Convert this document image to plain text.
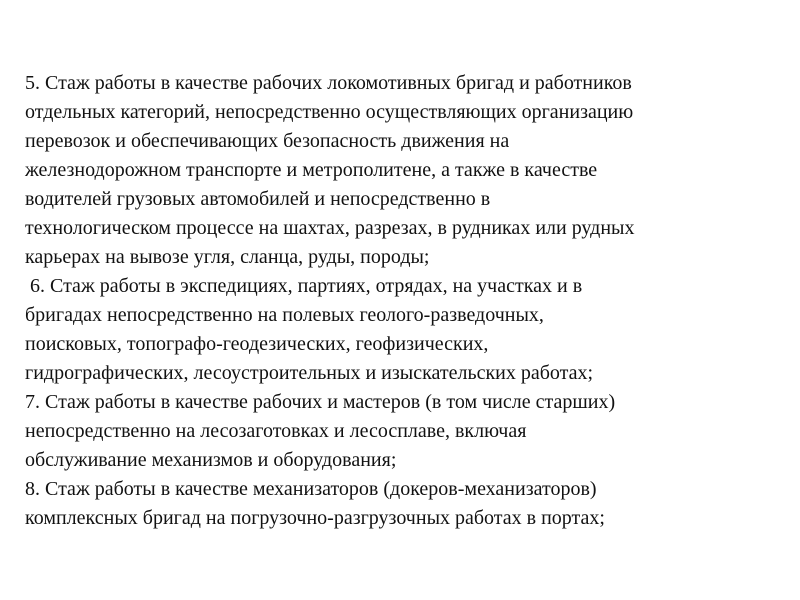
5. Стаж работы в качестве рабочих локомотивных бригад и работников
отдельных категорий, непосредственно осуществляющих организацию
перевозок и обеспечивающих безопасность движения на
железнодорожном транспорте и метрополитене, а также в качестве
водителей грузовых автомобилей и непосредственно в
технологическом процессе на шахтах, разрезах, в рудниках или рудных
карьерах на вывозе угля, сланца, руды, породы;
6. Стаж работы в экспедициях, партиях, отрядах, на участках и в
бригадах непосредственно на полевых геолого-разведочных,
поисковых, топографо-геодезических, геофизических,
гидрографических, лесоустроительных и изыскательских работах;
7. Стаж работы в качестве рабочих и мастеров (в том числе старших)
непосредственно на лесозаготовках и лесосплаве, включая
обслуживание механизмов и оборудования;
8. Стаж работы в качестве механизаторов (докеров-механизаторов)
комплексных бригад на погрузочно-разгрузочных работах в портах;
